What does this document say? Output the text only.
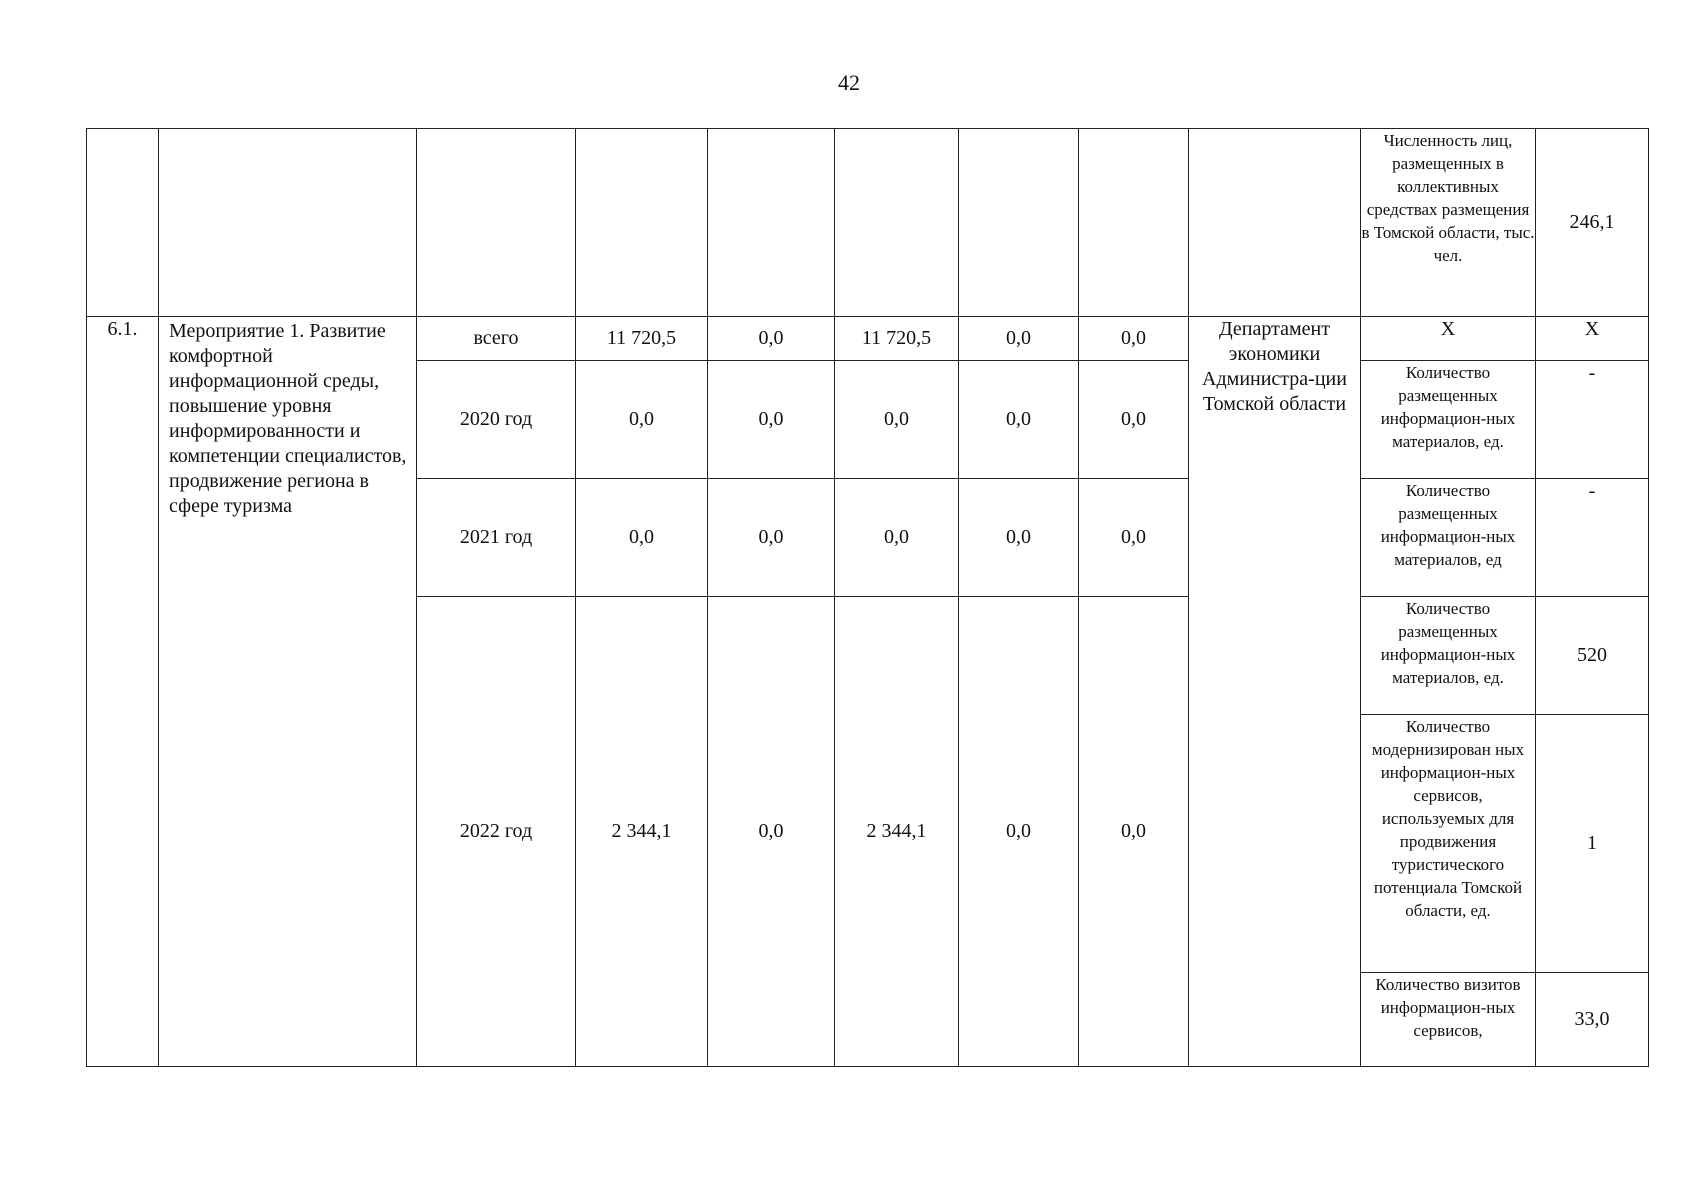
42
									Численность лиц, размещенных в коллективных средствах размещения в Томской области, тыс. чел.	246,1
6.1.	Мероприятие 1. Развитие комфортной информационной среды, повышение уровня информированности и компетенции специалистов, продвижение региона в сфере туризма	всего	11 720,5	0,0	11 720,5	0,0	0,0	Департамент экономики Администра-ции Томской области	Х	Х
		2020 год	0,0	0,0	0,0	0,0	0,0		Количество размещенных информацион-ных материалов, ед.	-
		2021 год	0,0	0,0	0,0	0,0	0,0		Количество размещенных информацион-ных материалов, ед	-
		2022 год	2 344,1	0,0	2 344,1	0,0	0,0		Количество размещенных информацион-ных материалов, ед.	520
									Количество модернизирован ных информацион-ных сервисов, используемых для продвижения туристического потенциала Томской области, ед.	1
									Количество визитов информацион-ных сервисов,	33,0
